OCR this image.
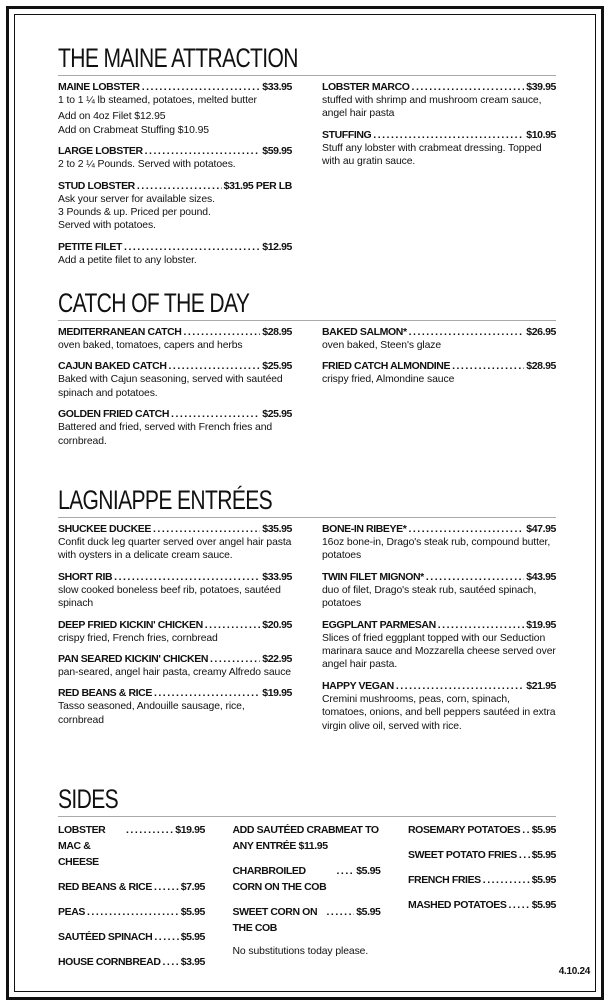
THE MAINE ATTRACTION
MAINE LOBSTER .....	$33.95
1 to 1 ¼ lb steamed, potatoes, melted butter
Add on 4oz Filet $12.95
Add on Crabmeat Stuffing $10.95
LARGE LOBSTER .....	$59.95
2 to 2 ¼ Pounds. Served with potatoes.
STUD LOBSTER .....	$31.95 PER LB
Ask your server for available sizes.
3 Pounds & up. Priced per pound.
Served with potatoes.
PETITE FILET .....	$12.95
Add a petite filet to any lobster.
LOBSTER MARCO .....	$39.95
stuffed with shrimp and mushroom cream sauce, angel hair pasta
STUFFING .....	$10.95
Stuff any lobster with crabmeat dressing. Topped with au gratin sauce.
CATCH OF THE DAY
MEDITERRANEAN CATCH .....	$28.95
oven baked, tomatoes, capers and herbs
CAJUN BAKED CATCH .....	$25.95
Baked with Cajun seasoning, served with sautéed spinach and potatoes.
GOLDEN FRIED CATCH .....	$25.95
Battered and fried, served with French fries and cornbread.
BAKED SALMON* .....	$26.95
oven baked, Steen's glaze
FRIED CATCH ALMONDINE .....	$28.95
crispy fried, Almondine sauce
LAGNIAPPE ENTRÉES
SHUCKEE DUCKEE .....	$35.95
Confit duck leg quarter served over angel hair pasta with oysters in a delicate cream sauce.
SHORT RIB .....	$33.95
slow cooked boneless beef rib, potatoes, sautéed spinach
DEEP FRIED KICKIN' CHICKEN .....	$20.95
crispy fried, French fries, cornbread
PAN SEARED KICKIN' CHICKEN .....	$22.95
pan-seared, angel hair pasta, creamy Alfredo sauce
RED BEANS & RICE .....	$19.95
Tasso seasoned, Andouille sausage, rice, cornbread
BONE-IN RIBEYE* .....	$47.95
16oz bone-in, Drago's steak rub, compound butter, potatoes
TWIN FILET MIGNON* .....	$43.95
duo of filet, Drago's steak rub, sautéed spinach, potatoes
EGGPLANT PARMESAN .....	$19.95
Slices of fried eggplant topped with our Seduction marinara sauce and Mozzarella cheese served over angel hair pasta.
HAPPY VEGAN .....	$21.95
Cremini mushrooms, peas, corn, spinach, tomatoes, onions, and bell peppers sautéed in extra virgin olive oil, served with rice.
SIDES
LOBSTER MAC & CHEESE
.....
$19.95
RED BEANS & RICE .....	$7.95
PEAS .....	$5.95
SAUTÉED SPINACH .....	$5.95
HOUSE CORNBREAD ..... $3.95
ADD SAUTÉED CRABMEAT TO ANY ENTRÉE $11.95
CHARBROILED CORN ON THE COB
.....
$5.95
SWEET CORN ON THE COB
.....
$5.95
No substitutions today please.
ROSEMARY POTATOES ..... $5.95
SWEET POTATO FRIES ..... $5.95
FRENCH FRIES .....	$5.95
MASHED POTATOES ..... $5.95
4.10.24
